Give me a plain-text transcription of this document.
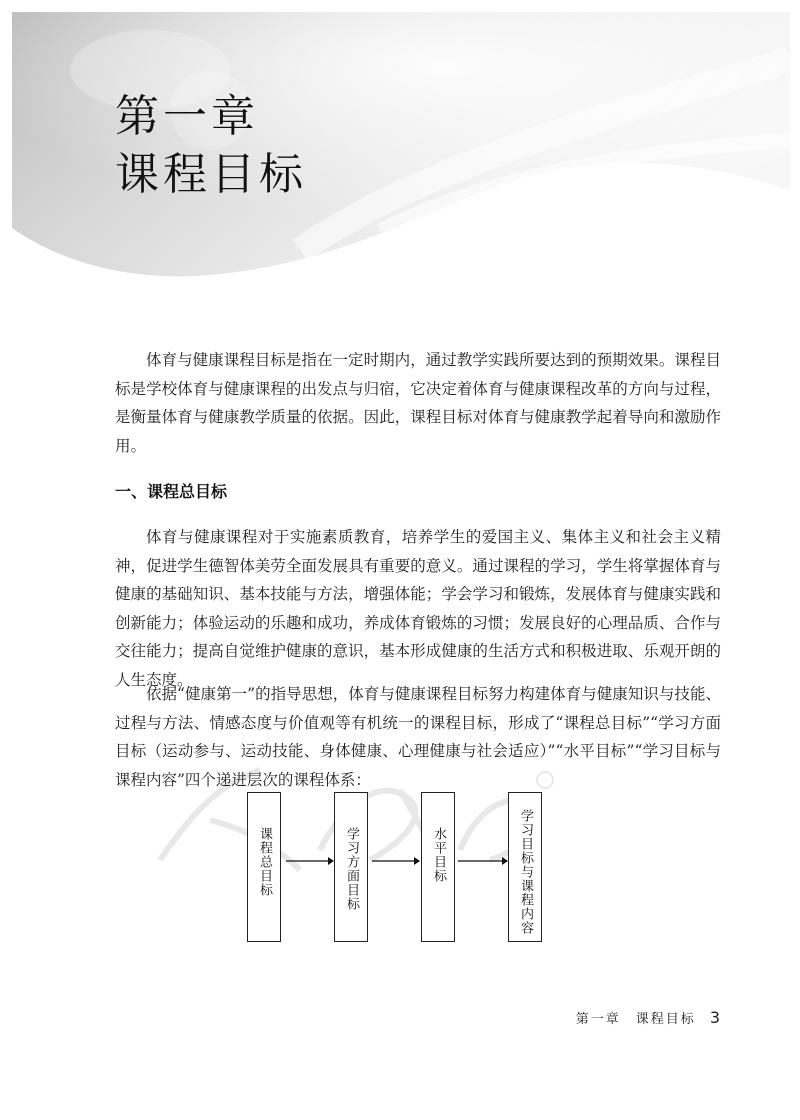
第一章
课程目标

体育与健康课程目标是指在一定时期内，通过教学实践所要达到的预期效果。课程目标是学校体育与健康课程的出发点与归宿，它决定着体育与健康课程改革的方向与过程，是衡量体育与健康教学质量的依据。因此，课程目标对体育与健康教学起着导向和激励作用。

一、课程总目标

体育与健康课程对于实施素质教育，培养学生的爱国主义、集体主义和社会主义精神，促进学生德智体美劳全面发展具有重要的意义。通过课程的学习，学生将掌握体育与健康的基础知识、基本技能与方法，增强体能；学会学习和锻炼，发展体育与健康实践和创新能力；体验运动的乐趣和成功，养成体育锻炼的习惯；发展良好的心理品质、合作与交往能力；提高自觉维护健康的意识，基本形成健康的生活方式和积极进取、乐观开朗的人生态度。

依据“健康第一”的指导思想，体育与健康课程目标努力构建体育与健康知识与技能、过程与方法、情感态度与价值观等有机统一的课程目标，形成了“课程总目标”“学习方面目标（运动参与、运动技能、身体健康、心理健康与社会适应）”“水平目标”“学习目标与课程内容”四个递进层次的课程体系：

课程总目标	学习方面目标	水平目标	学习目标与课程内容

第一章　课程目标 3
